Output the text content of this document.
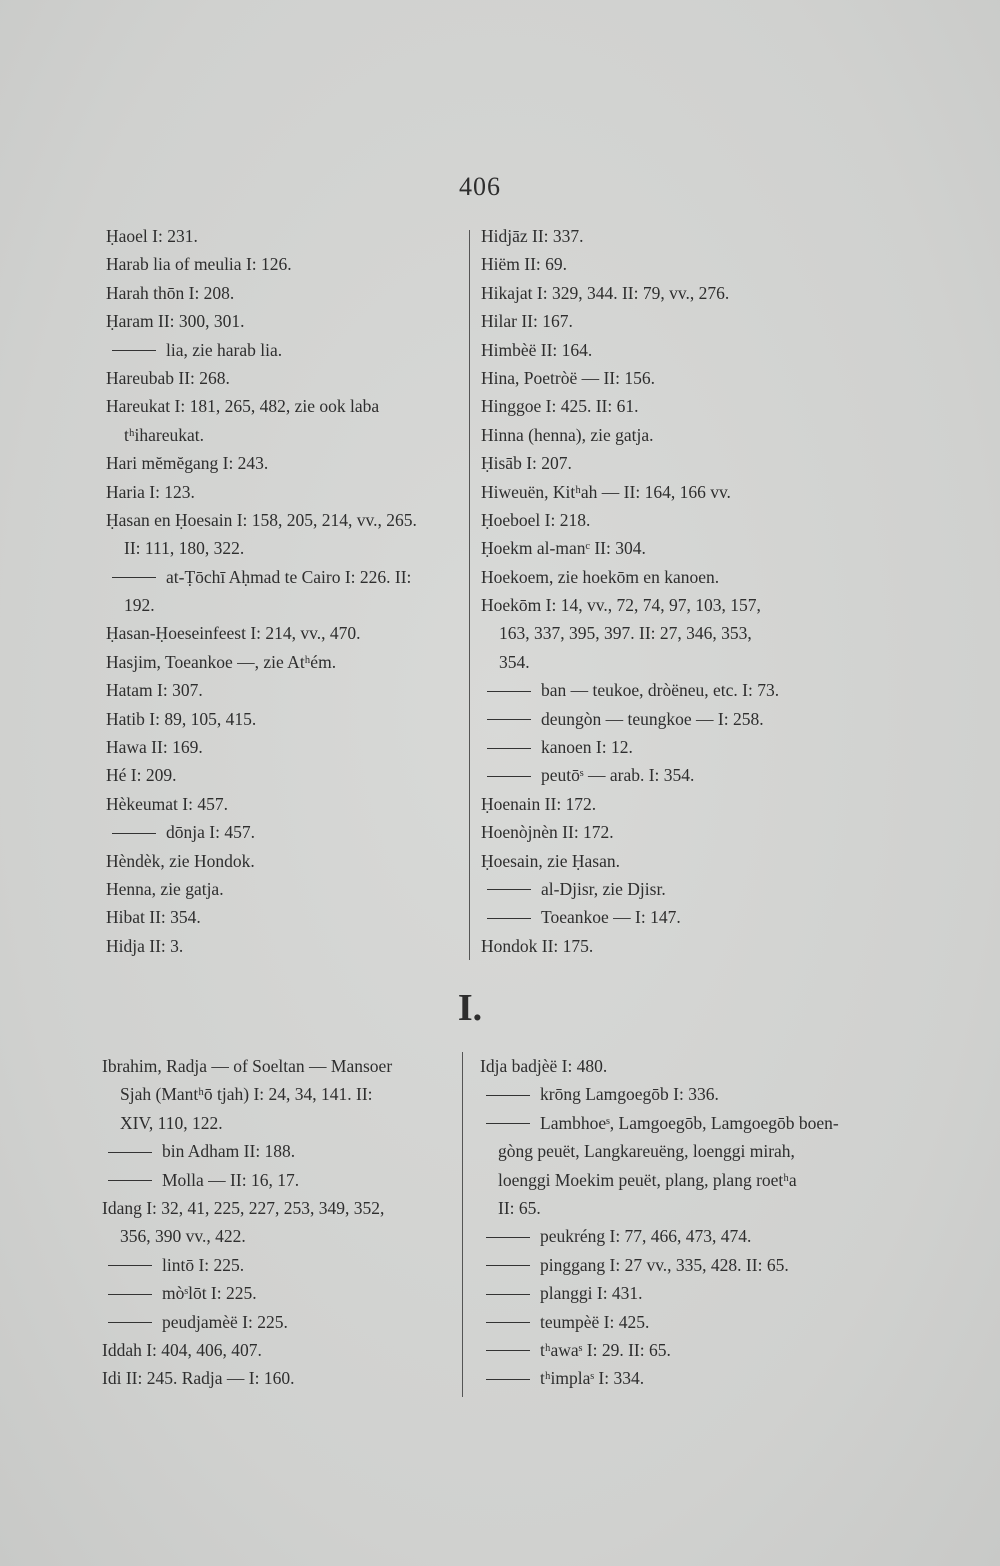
406
Ḥaoel I: 231.
Harab lia of meulia I: 126.
Harah thōn I: 208.
Ḥaram II: 300, 301.
lia, zie harab lia.
Hareubab II: 268.
Hareukat I: 181, 265, 482, zie ook laba
tʰihareukat.
Hari mĕmĕgang I: 243.
Haria I: 123.
Ḥasan en Ḥoesain I: 158, 205, 214, vv., 265.
II: 111, 180, 322.
at-Ṭōchī Aḥmad te Cairo I: 226. II:
192.
Ḥasan-Ḥoeseinfeest I: 214, vv., 470.
Hasjim, Toeankoe —, zie Atʰém.
Hatam I: 307.
Hatib I: 89, 105, 415.
Hawa II: 169.
Hé I: 209.
Hèkeumat I: 457.
dōnja I: 457.
Hèndèk, zie Hondok.
Henna, zie gatja.
Hibat II: 354.
Hidja II: 3.
Hidjāz II: 337.
Hiëm II: 69.
Hikajat I: 329, 344. II: 79, vv., 276.
Hilar II: 167.
Himbèë II: 164.
Hina, Poetròë — II: 156.
Hinggoe I: 425. II: 61.
Hinna (henna), zie gatja.
Ḥisāb I: 207.
Hiweuën, Kitʰah — II: 164, 166 vv.
Ḥoeboel I: 218.
Ḥoekm al-manᶜ II: 304.
Hoekoem, zie hoekōm en kanoen.
Hoekōm I: 14, vv., 72, 74, 97, 103, 157,
163, 337, 395, 397. II: 27, 346, 353,
354.
ban — teukoe, dròëneu, etc. I: 73.
deungòn — teungkoe — I: 258.
kanoen I: 12.
peutōˢ — arab. I: 354.
Ḥoenain II: 172.
Hoenòjnèn II: 172.
Ḥoesain, zie Ḥasan.
al-Djisr, zie Djisr.
Toeankoe — I: 147.
Hondok II: 175.
I.
Ibrahim, Radja — of Soeltan — Mansoer
Sjah (Mantʰō tjah) I: 24, 34, 141. II:
XIV, 110, 122.
bin Adham II: 188.
Molla — II: 16, 17.
Idang I: 32, 41, 225, 227, 253, 349, 352,
356, 390 vv., 422.
lintō I: 225.
mòˢlōt I: 225.
peudjamèë I: 225.
Iddah I: 404, 406, 407.
Idi II: 245. Radja — I: 160.
Idja badjèë I: 480.
krōng Lamgoegōb I: 336.
Lambhoeˢ, Lamgoegōb, Lamgoegōb boen-
gòng peuët, Langkareuëng, loenggi mirah,
loenggi Moekim peuët, plang, plang roetʰa
II: 65.
peukréng I: 77, 466, 473, 474.
pinggang I: 27 vv., 335, 428. II: 65.
planggi I: 431.
teumpèë I: 425.
tʰawaˢ I: 29. II: 65.
tʰimplaˢ I: 334.
